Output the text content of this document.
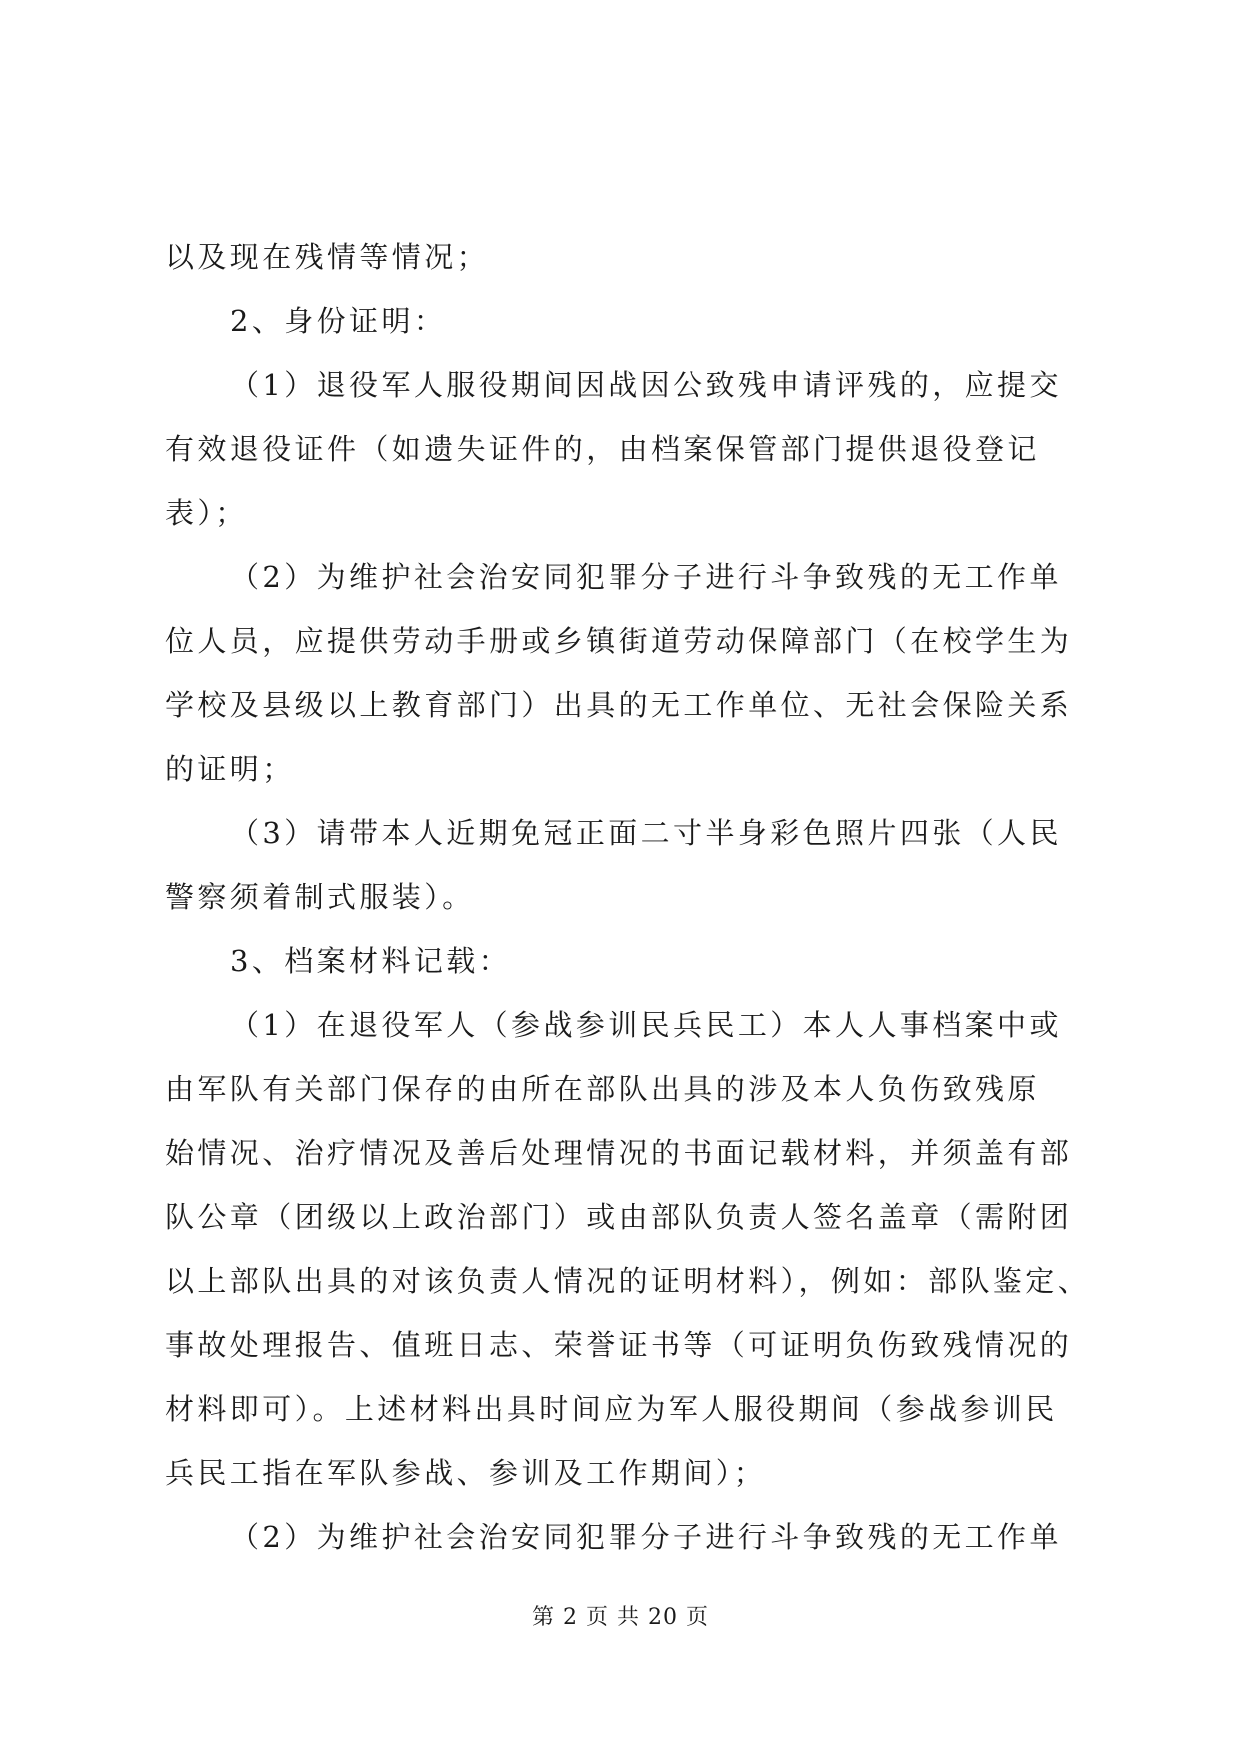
以及现在残情等情况；
2、身份证明：
（1）退役军人服役期间因战因公致残申请评残的，应提交
有效退役证件（如遗失证件的，由档案保管部门提供退役登记
表）；
（2）为维护社会治安同犯罪分子进行斗争致残的无工作单
位人员，应提供劳动手册或乡镇街道劳动保障部门（在校学生为
学校及县级以上教育部门）出具的无工作单位、无社会保险关系
的证明；
（3）请带本人近期免冠正面二寸半身彩色照片四张（人民
警察须着制式服装）。
3、档案材料记载：
（1）在退役军人（参战参训民兵民工）本人人事档案中或
由军队有关部门保存的由所在部队出具的涉及本人负伤致残原
始情况、治疗情况及善后处理情况的书面记载材料，并须盖有部
队公章（团级以上政治部门）或由部队负责人签名盖章（需附团
以上部队出具的对该负责人情况的证明材料），例如：部队鉴定、
事故处理报告、值班日志、荣誉证书等（可证明负伤致残情况的
材料即可）。上述材料出具时间应为军人服役期间（参战参训民
兵民工指在军队参战、参训及工作期间）；
（2）为维护社会治安同犯罪分子进行斗争致残的无工作单
第 2 页 共 20 页
